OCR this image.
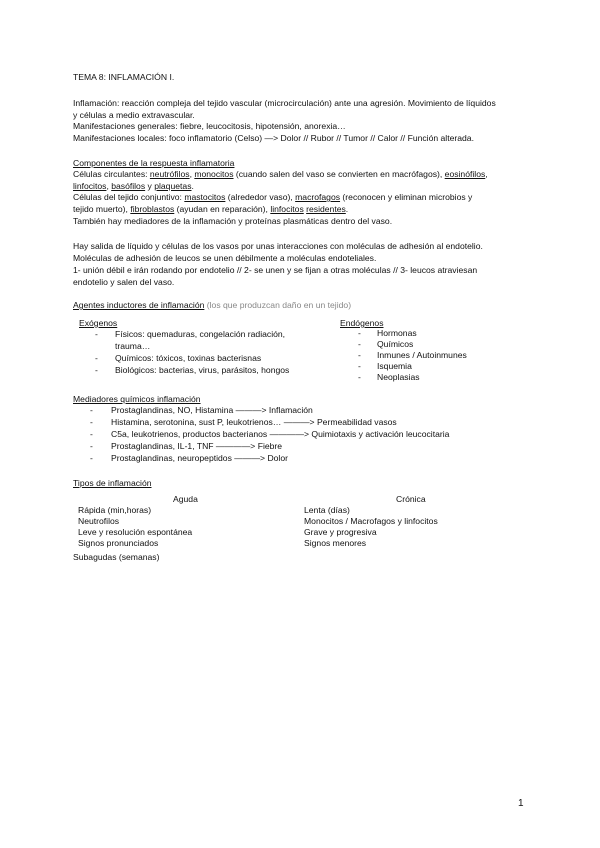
TEMA 8: INFLAMACIÓN I.
Inflamación: reacción compleja del tejido vascular (microcirculación) ante una agresión. Movimiento de líquidos
y células a medio extravascular.
Manifestaciones generales: fiebre, leucocitosis, hipotensión, anorexia…
Manifestaciones locales: foco inflamatorio (Celso) —> Dolor // Rubor // Tumor // Calor // Función alterada.
Componentes de la respuesta inflamatoria
Células circulantes: neutrófilos, monocitos (cuando salen del vaso se convierten en macrófagos), eosinófilos,
linfocitos, basófilos y plaquetas.
Células del tejido conjuntivo: mastocitos (alrededor vaso), macrofagos (reconocen y eliminan microbios y
tejido muerto), fibroblastos (ayudan en reparación), linfocitos residentes.
También hay mediadores de la inflamación y proteínas plasmáticas dentro del vaso.
Hay salida de líquido y células de los vasos por unas interacciones con moléculas de adhesión al endotelio.
Moléculas de adhesión de leucos se unen débilmente a moléculas endoteliales.
1- unión débil e irán rodando por endotelio // 2- se unen y se fijan a otras moléculas // 3- leucos atraviesan
endotelio y salen del vaso.
Agentes inductores de inflamación (los que produzcan daño en un tejido)
Exógenos	Endógenos
- Físicos: quemaduras, congelación radiación,
trauma…
- Químicos: tóxicos, toxinas bacterisnas
- Biológicos: bacterias, virus, parásitos, hongos
- Hormonas
- Químicos
- Inmunes / Autoinmunes
- Isquemia
- Neoplasias
Mediadores químicos inflamación
- Prostaglandinas, NO, Histamina ———> Inflamación
- Histamina, serotonina, sust P, leukotrienos… ———> Permeabilidad vasos
- C5a, leukotrienos, productos bacterianos ————> Quimiotaxis y activación leucocitaria
- Prostaglandinas, IL-1, TNF ————> Fiebre
- Prostaglandinas, neuropeptidos ———> Dolor
Tipos de inflamación
Aguda	Crónica
Rápida (min,horas)
Neutrofilos
Leve y resolución espontánea
Signos pronunciados
Lenta (días)
Monocitos / Macrofagos y linfocitos
Grave y progresiva
Signos menores
Subagudas (semanas)
1
